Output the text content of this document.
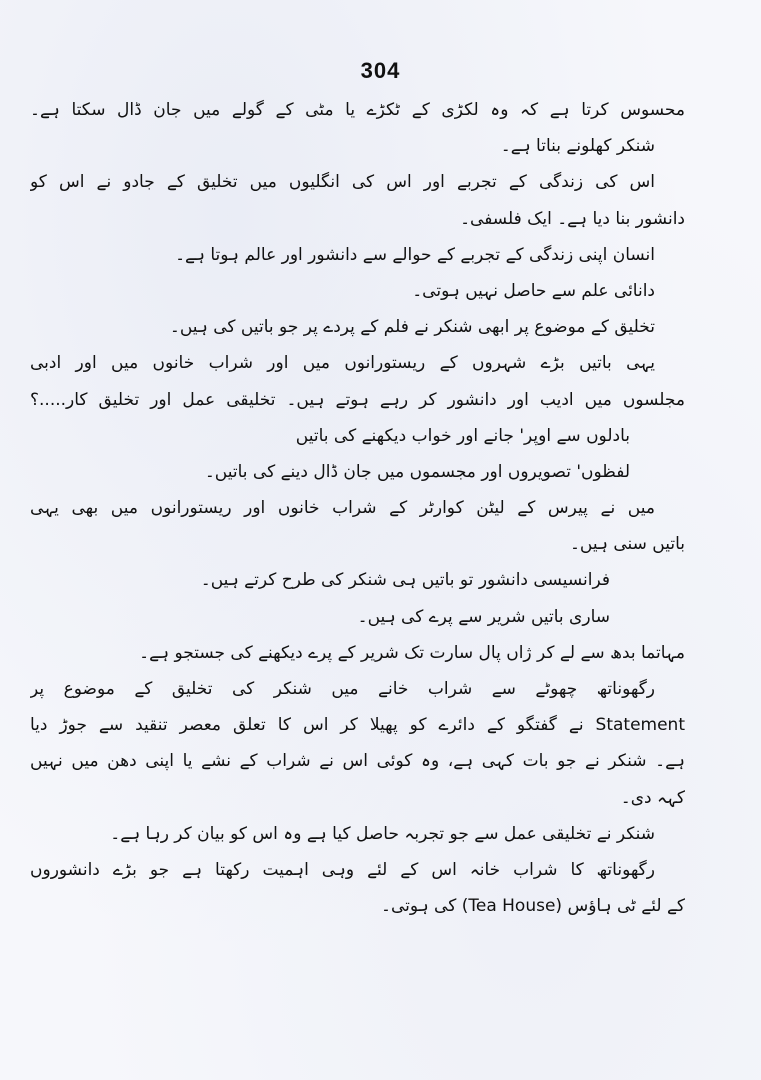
304
محسوس کرتا ہے کہ وہ لکڑی کے ٹکڑے یا مٹی کے گولے میں جان ڈال سکتا ہے۔
شنکر کھلونے بناتا ہے۔
اس کی زندگی کے تجربے اور اس کی انگلیوں میں تخلیق کے جادو نے اس کو
دانشور بنا دیا ہے۔ ایک فلسفی۔
انسان اپنی زندگی کے تجربے کے حوالے سے دانشور اور عالم ہوتا ہے۔
دانائی علم سے حاصل نہیں ہوتی۔
تخلیق کے موضوع پر ابھی شنکر نے فلم کے پردے پر جو باتیں کی ہیں۔
یہی باتیں بڑے شہروں کے ریستورانوں میں اور شراب خانوں میں اور ادبی
مجلسوں میں ادیب اور دانشور کر رہے ہوتے ہیں۔ تخلیقی عمل اور تخلیق کار.....؟
بادلوں سے اوپر' جانے اور خواب دیکھنے کی باتیں
لفظوں' تصویروں اور مجسموں میں جان ڈال دینے کی باتیں۔
میں نے پیرس کے لیٹن کوارٹر کے شراب خانوں اور ریستورانوں میں بھی یہی
باتیں سنی ہیں۔
فرانسیسی دانشور تو باتیں ہی شنکر کی طرح کرتے ہیں۔
ساری باتیں شریر سے پرے کی ہیں۔
مہاتما بدھ سے لے کر ژاں پال سارت تک شریر کے پرے دیکھنے کی جستجو ہے۔
رگھوناتھ چھوٹے سے شراب خانے میں شنکر کی تخلیق کے موضوع پر
Statement نے گفتگو کے دائرے کو پھیلا کر اس کا تعلق معصر تنقید سے جوڑ دیا
ہے۔ شنکر نے جو بات کہی ہے، وہ کوئی اس نے شراب کے نشے یا اپنی دھن میں نہیں
کہہ دی۔
شنکر نے تخلیقی عمل سے جو تجربہ حاصل کیا ہے وہ اس کو بیان کر رہا ہے۔
رگھوناتھ کا شراب خانہ اس کے لئے وہی اہمیت رکھتا ہے جو بڑے دانشوروں
کے لئے ٹی ہاؤس (Tea House) کی ہوتی۔
